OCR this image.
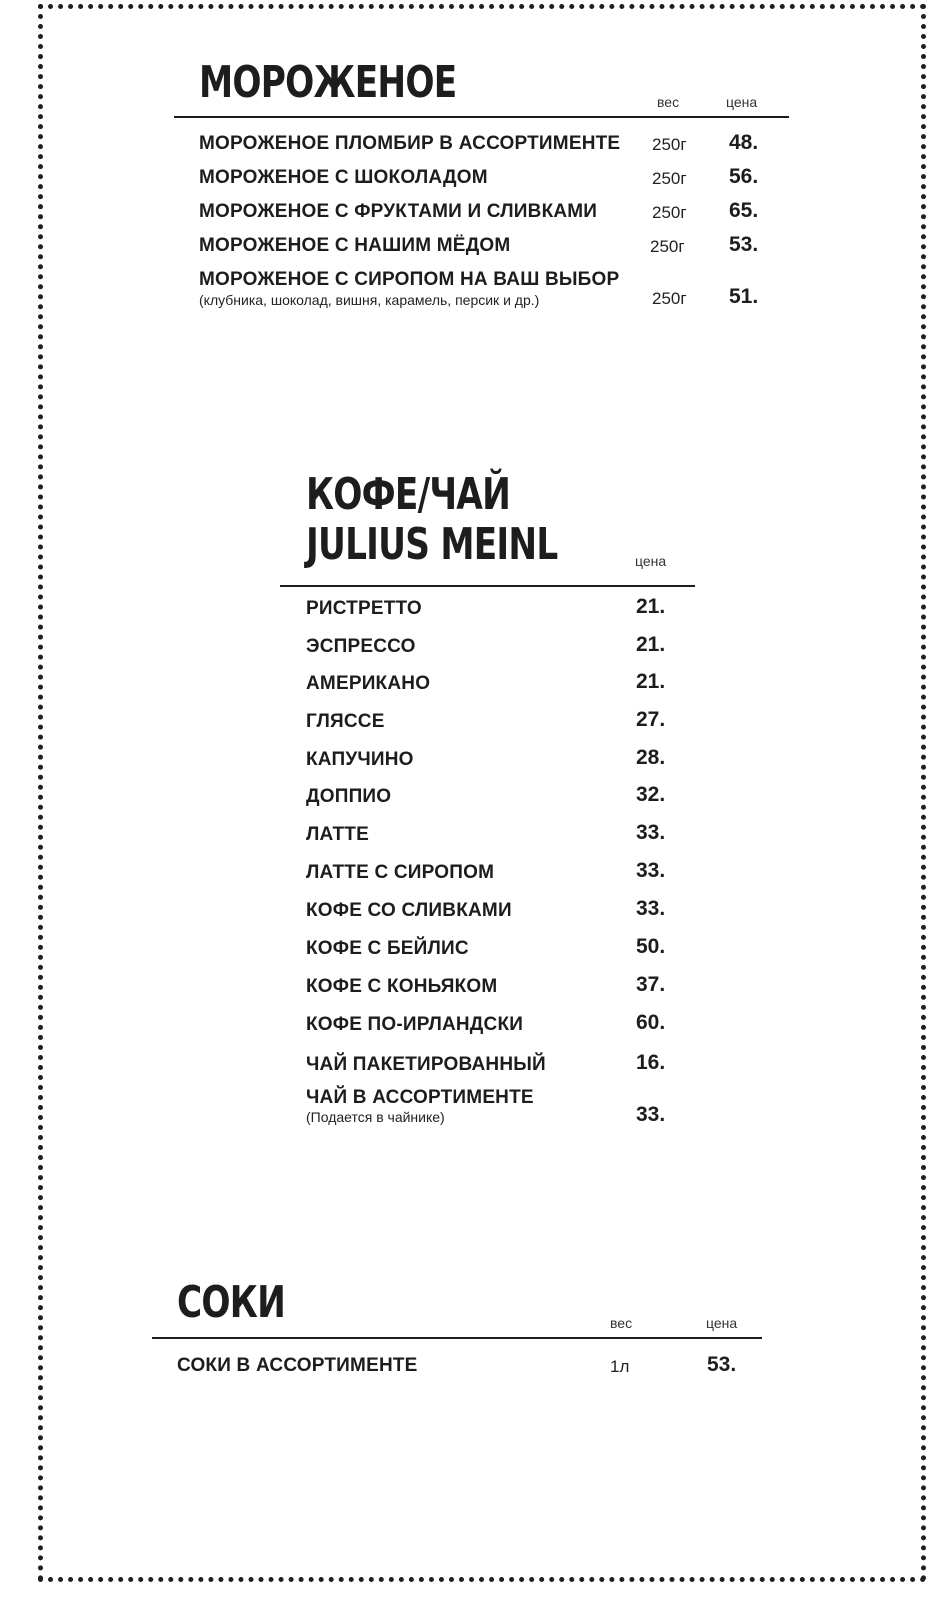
МОРОЖЕНОЕ	вес	цена
МОРОЖЕНОЕ ПЛОМБИР В АССОРТИМЕНТЕ 250г 48.
МОРОЖЕНОЕ С ШОКОЛАДОМ	250г 56.
МОРОЖЕНОЕ С ФРУКТАМИ И СЛИВКАМИ	250г 65.
МОРОЖЕНОЕ С НАШИМ МЁДОМ	250г 53.
МОРОЖЕНОЕ С СИРОПОМ НА ВАШ ВЫБОР
(клубника, шоколад, вишня, карамель, персик и др.)	250г 51.
КОФЕ/ЧАЙ
JULIUS MEINL	цена
РИСТРЕТТО	21.
ЭСПРЕССО	21.
АМЕРИКАНО	21.
ГЛЯССЕ	27.
КАПУЧИНО	28.
ДОППИО	32.
ЛАТТЕ	33.
ЛАТТЕ С СИРОПОМ	33.
КОФЕ СО СЛИВКАМИ	33.
КОФЕ С БЕЙЛИС	50.
КОФЕ С КОНЬЯКОМ	37.
КОФЕ ПО-ИРЛАНДСКИ	60.
ЧАЙ ПАКЕТИРОВАННЫЙ	16.
ЧАЙ В АССОРТИМЕНТЕ
(Подается в чайнике)	33.
СОКИ	вес	цена
СОКИ В АССОРТИМЕНТЕ	1л	53.
